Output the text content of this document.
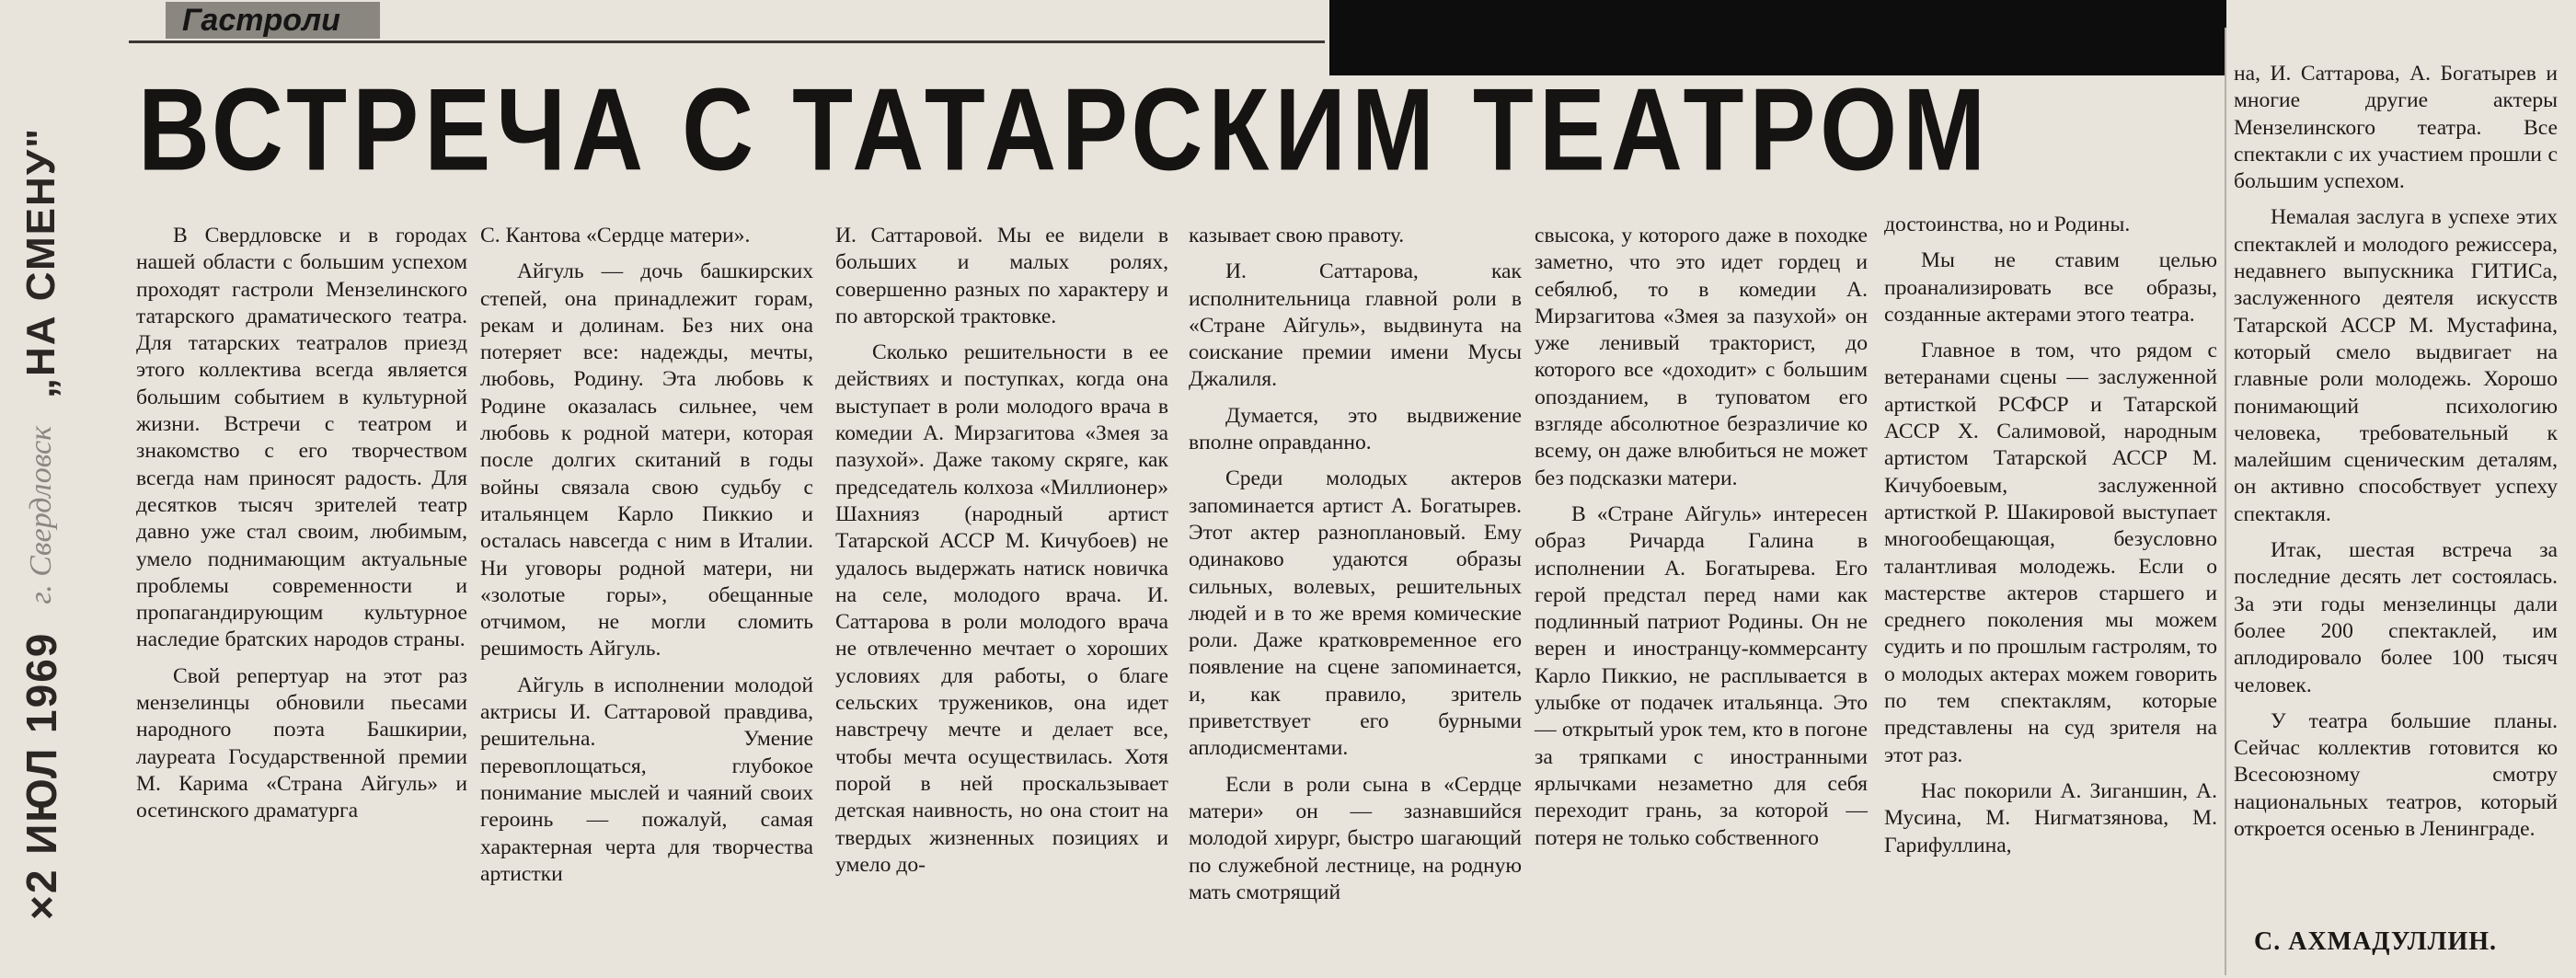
Гастроли
ВСТРЕЧА С ТАТАРСКИМ ТЕАТРОМ
×2 ИЮЛ 1969
г. Свердловск
„НА СМЕНУ"	В Свердловске и в городах нашей области с большим успехом проходят гастроли Мензелинского татарского драматического театра. Для татарских театралов приезд этого коллектива всегда является большим событием в культурной жизни. Встречи с театром и знакомство с его творчеством всегда нам приносят радость. Для десятков тысяч зрителей театр давно уже стал своим, любимым, умело поднимающим актуальные проблемы современности и пропагандирующим культурное наследие братских народов страны.

Свой репертуар на этот раз мензелинцы обновили пьесами народного поэта Башкирии, лауреата Государственной премии М. Карима «Страна Айгуль» и осетинского драматурга

С. Кантова «Сердце матери».

Айгуль — дочь башкирских степей, она принадлежит горам, рекам и долинам. Без них она потеряет все: надежды, мечты, любовь, Родину. Эта любовь к Родине оказалась сильнее, чем любовь к родной матери, которая после долгих скитаний в годы войны связала свою судьбу с итальянцем Карло Пиккио и осталась навсегда с ним в Италии. Ни уговоры родной матери, ни «золотые горы», обещанные отчимом, не могли сломить решимость Айгуль.

Айгуль в исполнении молодой актрисы И. Саттаровой правдива, решительна. Умение перевоплощаться, глубокое понимание мыслей и чаяний своих героинь — пожалуй, самая характерная черта для творчества артистки

И. Саттаровой. Мы ее видели в больших и малых ролях, совершенно разных по характеру и по авторской трактовке.

Сколько решительности в ее действиях и поступках, когда она выступает в роли молодого врача в комедии А. Мирзагитова «Змея за пазухой». Даже такому скряге, как председатель колхоза «Миллионер» Шахнияз (народный артист Татарской АССР М. Кичубоев) не удалось выдержать натиск новичка на селе, молодого врача. И. Саттарова в роли молодого врача не отвлеченно мечтает о хороших условиях для работы, о благе сельских тружеников, она идет навстречу мечте и делает все, чтобы мечта осуществилась. Хотя порой в ней проскальзывает детская наивность, но она стоит на твердых жизненных позициях и умело до-

казывает свою правоту.

И. Саттарова, как исполнительница главной роли в «Стране Айгуль», выдвинута на соискание премии имени Мусы Джалиля.

Думается, это выдвижение вполне оправданно.

Среди молодых актеров запоминается артист А. Богатырев. Этот актер разноплановый. Ему одинаково удаются образы сильных, волевых, решительных людей и в то же время комические роли. Даже кратковременное его появление на сцене запоминается, и, как правило, зритель приветствует его бурными аплодисментами.

Если в роли сына в «Сердце матери» он — зазнавшийся молодой хирург, быстро шагающий по служебной лестнице, на родную мать смотрящий

свысока, у которого даже в походке заметно, что это идет гордец и себялюб, то в комедии А. Мирзагитова «Змея за пазухой» он уже ленивый тракторист, до которого все «доходит» с большим опозданием, в туповатом его взгляде абсолютное безразличие ко всему, он даже влюбиться не может без подсказки матери.

В «Стране Айгуль» интересен образ Ричарда Галина в исполнении А. Богатырева. Его герой предстал перед нами как подлинный патриот Родины. Он не верен и иностранцу-коммерсанту Карло Пиккио, не расплывается в улыбке от подачек итальянца. Это — открытый урок тем, кто в погоне за тряпками с иностранными ярлычками незаметно для себя переходит грань, за которой — потеря не только собственного

достоинства, но и Родины.

Мы не ставим целью проанализировать все образы, созданные актерами этого театра.

Главное в том, что рядом с ветеранами сцены — заслуженной артисткой РСФСР и Татарской АССР Х. Салимовой, народным артистом Татарской АССР М. Кичубоевым, заслуженной артисткой Р. Шакировой выступает многообещающая, безусловно талантливая молодежь. Если о мастерстве актеров старшего и среднего поколения мы можем судить и по прошлым гастролям, то о молодых актерах можем говорить по тем спектаклям, которые представлены на суд зрителя на этот раз.

Нас покорили А. Зиганшин, А. Мусина, М. Нигматзянова, М. Гарифуллина,

на, И. Саттарова, А. Богатырев и многие другие актеры Мензелинского театра. Все спектакли с их участием прошли с большим успехом.

Немалая заслуга в успехе этих спектаклей и молодого режиссера, недавнего выпускника ГИТИСа, заслуженного деятеля искусств Татарской АССР М. Мустафина, который смело выдвигает на главные роли молодежь. Хорошо понимающий психологию человека, требовательный к малейшим сценическим деталям, он активно способствует успеху спектакля.

Итак, шестая встреча за последние десять лет состоялась. За эти годы мензелинцы дали более 200 спектаклей, им аплодировало более 100 тысяч человек.

У театра большие планы. Сейчас коллектив готовится ко Всесоюзному смотру национальных театров, который откроется осенью в Ленинграде.

С. АХМАДУЛЛИН.
